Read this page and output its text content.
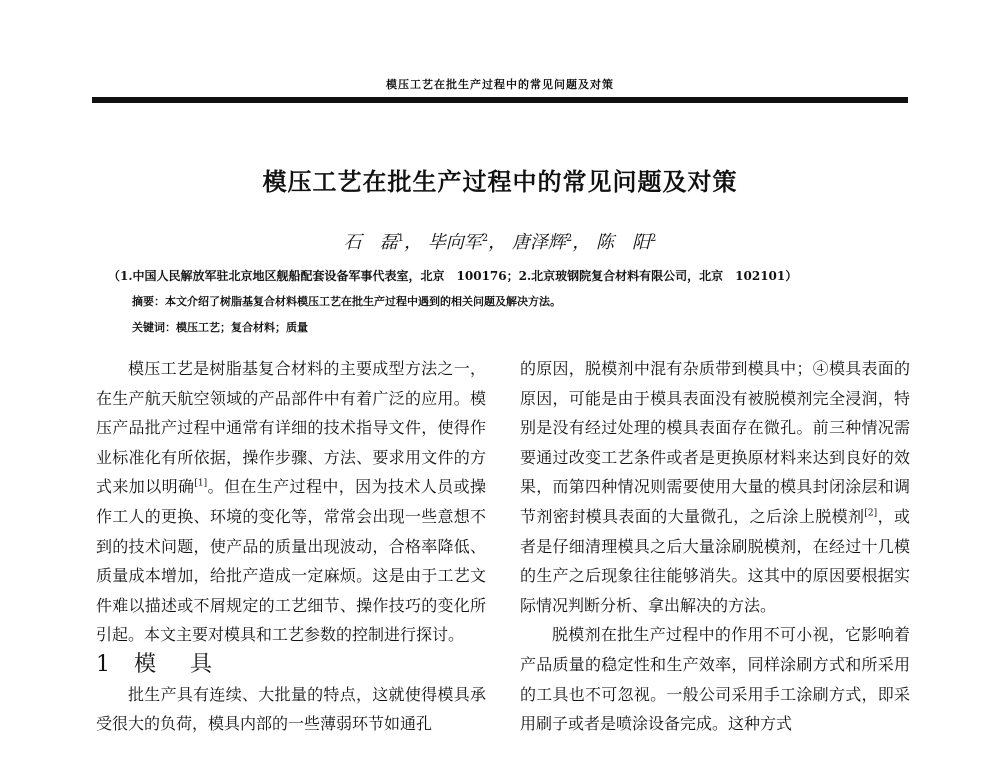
模压工艺在批生产过程中的常见问题及对策
模压工艺在批生产过程中的常见问题及对策
石　磊$^1$， 毕向军$^2$， 唐泽辉$^2$， 陈　阳$^2$
（1.中国人民解放军驻北京地区舰船配套设备军事代表室，北京　100176；2.北京玻钢院复合材料有限公司，北京　102101）
摘要：本文介绍了树脂基复合材料模压工艺在批生产过程中遇到的相关问题及解决方法。
关键词：模压工艺；复合材料；质量

模压工艺是树脂基复合材料的主要成型方法之一，在生产航天航空领域的产品部件中有着广泛的应用。模压产品批产过程中通常有详细的技术指导文件，使得作业标准化有所依据，操作步骤、方法、要求用文件的方式来加以明确[1]。但在生产过程中，因为技术人员或操作工人的更换、环境的变化等，常常会出现一些意想不到的技术问题，使产品的质量出现波动，合格率降低、质量成本增加，给批产造成一定麻烦。这是由于工艺文件难以描述或不屑规定的工艺细节、操作技巧的变化所引起。本文主要对模具和工艺参数的控制进行探讨。

1 模　具

批生产具有连续、大批量的特点，这就使得模具承受很大的负荷，模具内部的一些薄弱环节如通孔

的原因，脱模剂中混有杂质带到模具中；④模具表面的原因，可能是由于模具表面没有被脱模剂完全浸润，特别是没有经过处理的模具表面存在微孔。前三种情况需要通过改变工艺条件或者是更换原材料来达到良好的效果，而第四种情况则需要使用大量的模具封闭涂层和调节剂密封模具表面的大量微孔，之后涂上脱模剂[2]，或者是仔细清理模具之后大量涂刷脱模剂，在经过十几模的生产之后现象往往能够消失。这其中的原因要根据实际情况判断分析、拿出解决的方法。

脱模剂在批生产过程中的作用不可小视，它影响着产品质量的稳定性和生产效率，同样涂刷方式和所采用的工具也不可忽视。一般公司采用手工涂刷方式，即采用刷子或者是喷涂设备完成。这种方式
